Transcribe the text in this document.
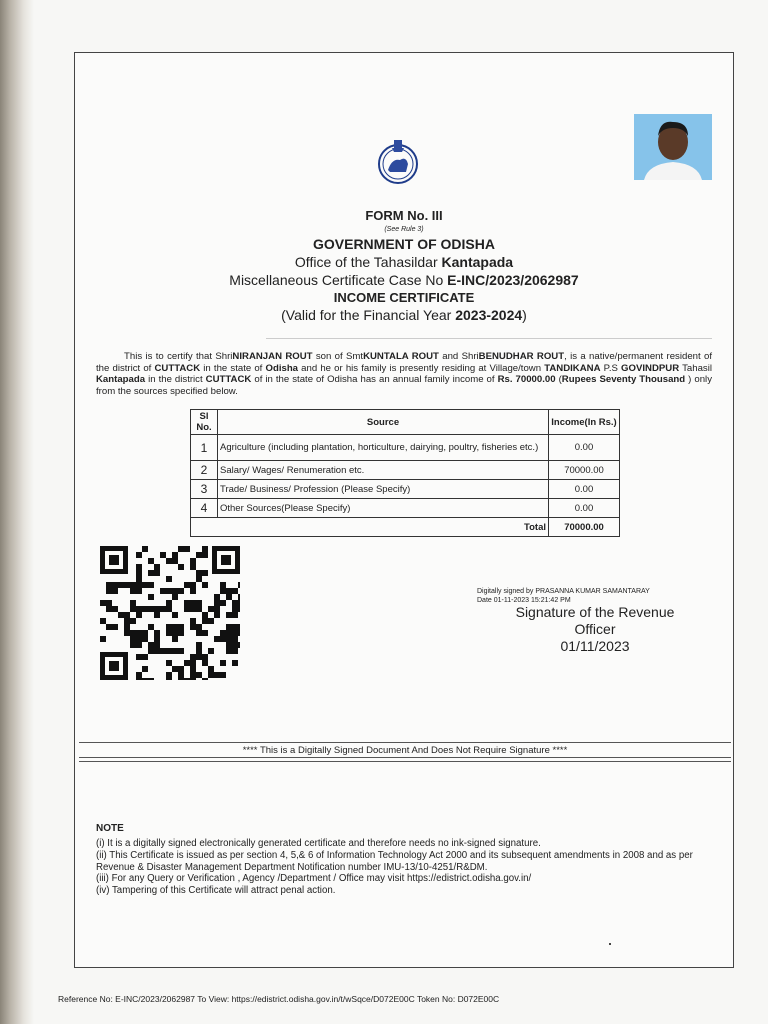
FORM No. III
(See Rule 3)
GOVERNMENT OF ODISHA
Office of the Tahasildar Kantapada
Miscellaneous Certificate Case No E-INC/2023/2062987
INCOME CERTIFICATE
(Valid for the Financial Year 2023-2024)
This is to certify that ShriNIRANJAN ROUT son of SmtKUNTALA ROUT and ShriBENUDHAR ROUT, is a native/permanent resident of the district of CUTTACK in the state of Odisha and he or his family is presently residing at Village/town TANDIKANA P.S GOVINDPUR Tahasil Kantapada in the district CUTTACK of in the state of Odisha has an annual family income of Rs. 70000.00 (Rupees Seventy Thousand ) only from the sources specified below.
Sl No.	Source	Income(In Rs.)
1	Agriculture (including plantation, horticulture, dairying, poultry, fisheries etc.)	0.00
2	Salary/ Wages/ Renumeration etc.	70000.00
3	Trade/ Business/ Profession (Please Specify)	0.00
4	Other Sources(Please Specify)	0.00
Total		70000.00
Digitally signed by PRASANNA KUMAR SAMANTARAY
Date 01-11-2023 15:21:42 PM
Signature of the Revenue
Officer
01/11/2023
**** This is a Digitally Signed Document And Does Not Require Signature ****
NOTE
(i) It is a digitally signed electronically generated certificate and therefore needs no ink-signed signature.
(ii) This Certificate is issued as per section 4, 5,& 6 of Information Technology Act 2000 and its subsequent amendments in 2008 and as per Revenue & Disaster Management Department Notification number IMU-13/10-4251/R&DM.
(iii) For any Query or Verification , Agency /Department / Office may visit https://edistrict.odisha.gov.in/
(iv) Tampering of this Certificate will attract penal action.
Reference No: E-INC/2023/2062987 To View: https://edistrict.odisha.gov.in/t/wSqce/D072E00C Token No: D072E00C
